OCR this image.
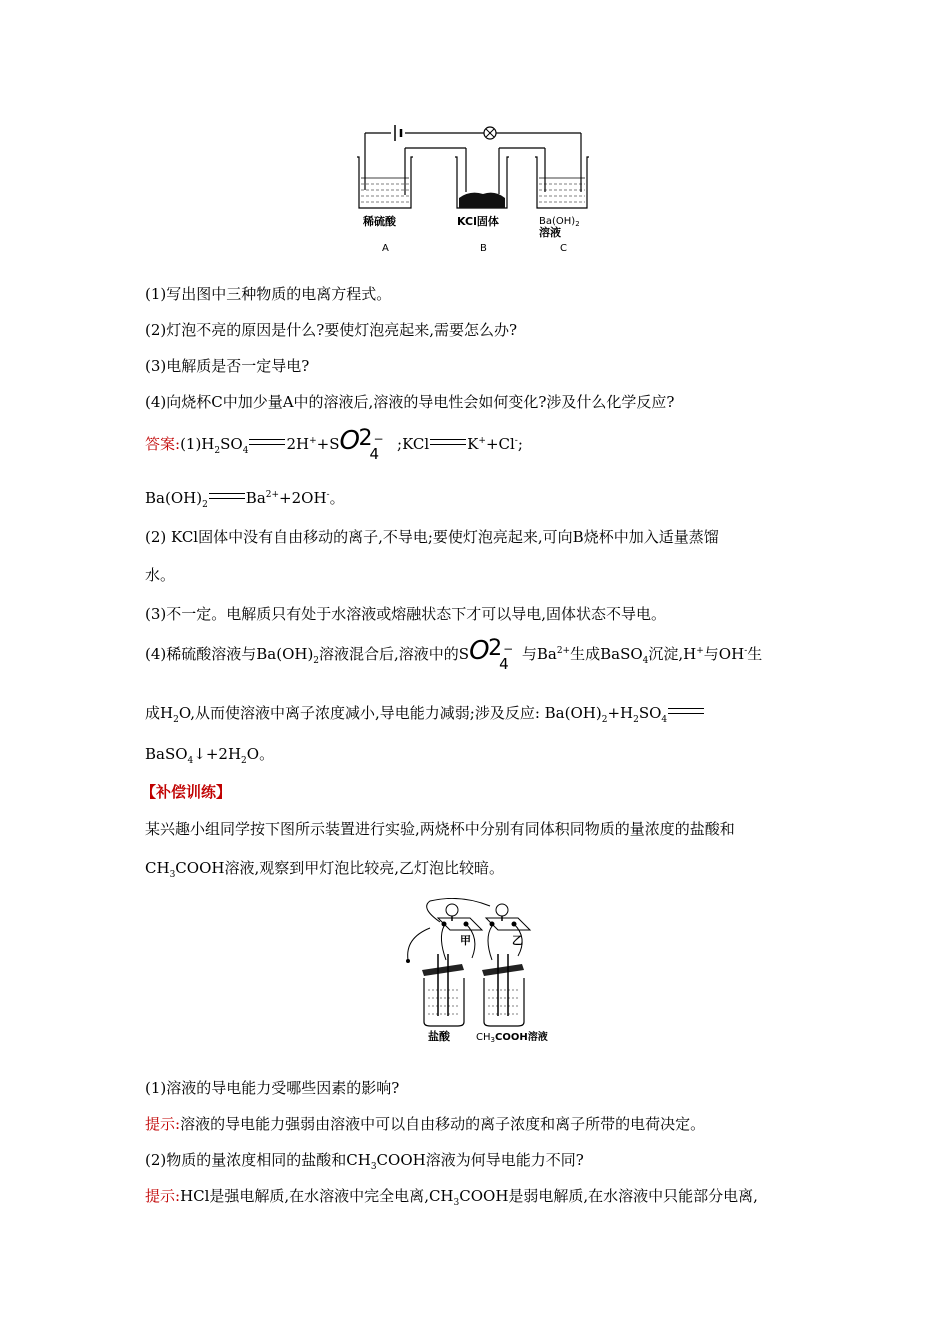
稀硫酸	KCl固体	$Ba(OH)_2$
溶液
A	B	C
(1)写出图中三种物质的电离方程式。
(2)灯泡不亮的原因是什么?要使灯泡亮起来,需要怎么办?
(3)电解质是否一定导电?
(4)向烧杯C中加少量A中的溶液后,溶液的导电性会如何变化?涉及什么化学反应?
答案$:(1)H_2SO_4$	2H++S O
2
4
− ;KCl	K++Cl-;
$Ba(OH)_2$	$Ba^{2+}+2OH^-$。
(2) KCl固体中没有自由移动的离子,不导电;要使灯泡亮起来,可向B烧杯中加入适量蒸馏
水。
(3)不一定。电解质只有处于水溶液或熔融状态下才可以导电,固体状态不导电。
(4)稀硫酸溶液与$Ba(OH)_2$溶液混合后,溶液中的S O
2
4
− 与$Ba^{2+}$生成BaSO$_4$沉淀,H+与OH-生
成$H_2O$,从而使溶液中离子浓度减小,导电能力减弱;涉及反应: $Ba(OH)_2+H_2SO_4$
$BaSO_4↓+2H_2O$。
【补偿训练】
某兴趣小组同学按下图所示装置进行实验,两烧杯中分别有同体积同物质的量浓度的盐酸和
$CH_3COOH$溶液,观察到甲灯泡比较亮,乙灯泡比较暗。
甲	乙
盐酸	$CH_3COOH$溶液
(1)溶液的导电能力受哪些因素的影响?
提示:溶液的导电能力强弱由溶液中可以自由移动的离子浓度和离子所带的电荷决定。
(2)物质的量浓度相同的盐酸和$CH_3COOH$溶液为何导电能力不同?
提示:HCl是强电解质,在水溶液中完全电离$,CH_3COOH$是弱电解质,在水溶液中只能部分电离,
